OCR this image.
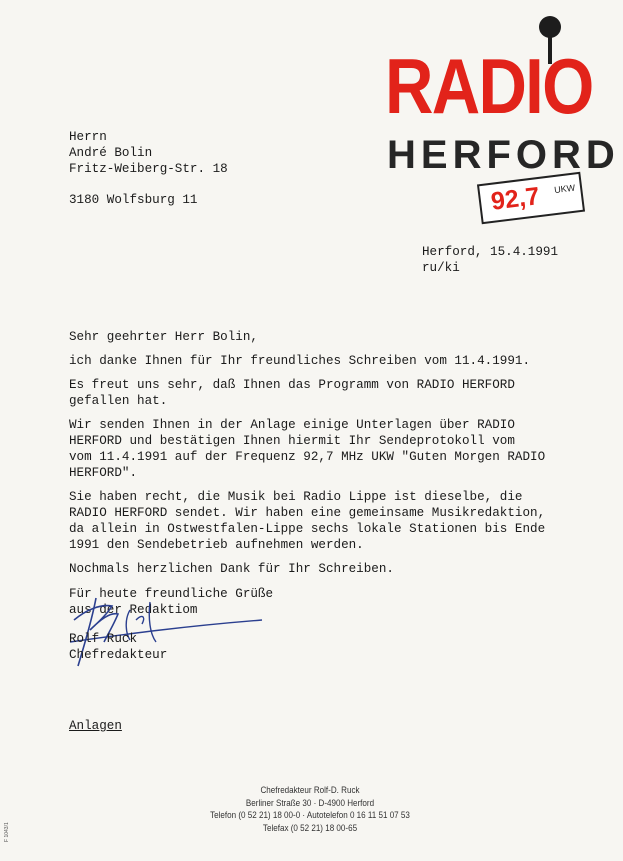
RADIO
HERFORD
92,7 UKW
Herrn
André Bolin
Fritz-Weiberg-Str. 18
3180 Wolfsburg 11
Herford, 15.4.1991
ru/ki
Sehr geehrter Herr Bolin,
ich danke Ihnen für Ihr freundliches Schreiben vom 11.4.1991.
Es freut uns sehr, daß Ihnen das Programm von RADIO HERFORD
gefallen hat.
Wir senden Ihnen in der Anlage einige Unterlagen über RADIO
HERFORD und bestätigen Ihnen hiermit Ihr Sendeprotokoll vom
vom 11.4.1991 auf der Frequenz 92,7 MHz UKW "Guten Morgen RADIO
HERFORD".
Sie haben recht, die Musik bei Radio Lippe ist dieselbe, die
RADIO HERFORD sendet. Wir haben eine gemeinsame Musikredaktion,
da allein in Ostwestfalen-Lippe sechs lokale Stationen bis Ende
1991 den Sendebetrieb aufnehmen werden.
Nochmals herzlichen Dank für Ihr Schreiben.
Für heute freundliche Grüße
aus der Redaktiom
Rolf Ruck
Chefredakteur
Anlagen
Chefredakteur Rolf-D. Ruck
Berliner Straße 30 · D-4900 Herford
Telefon (0 52 21) 18 00-0 · Autotelefon 0 16 11 51 07 53
Telefax (0 52 21) 18 00-65
F 1043/1
